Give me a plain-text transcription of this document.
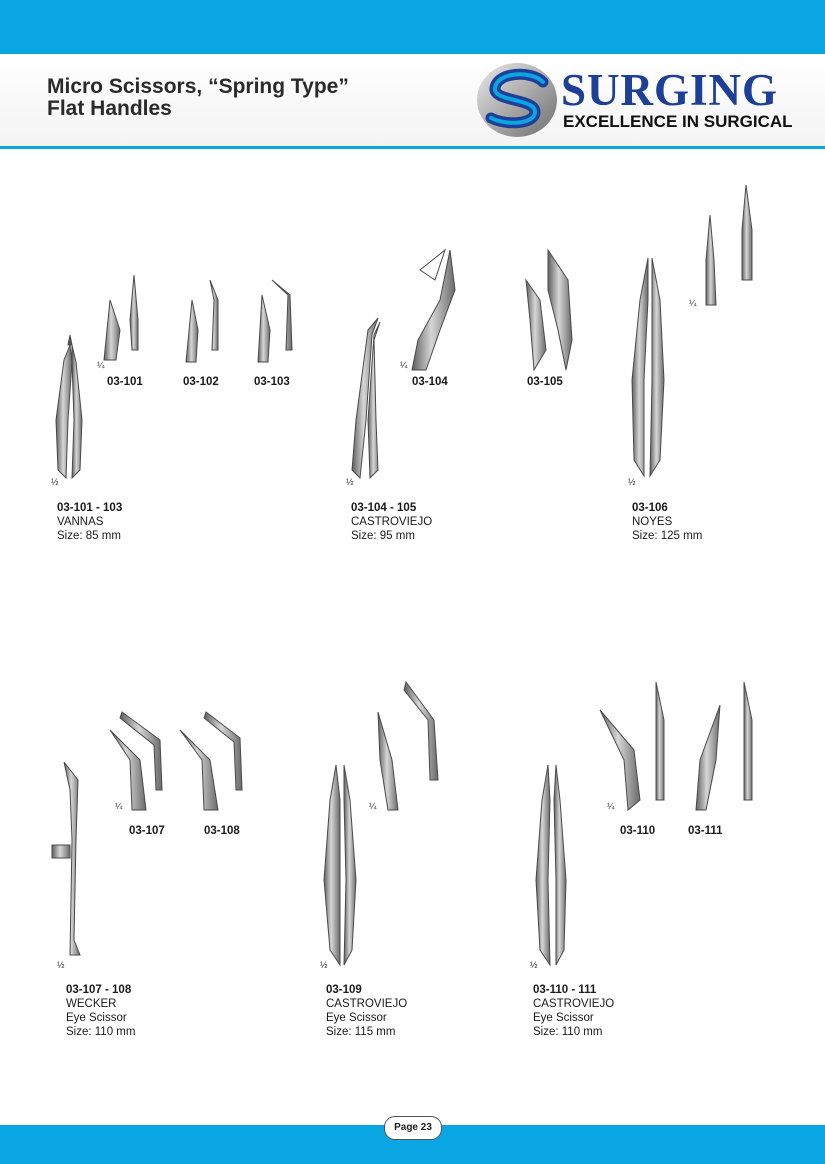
Micro Scissors, “Spring Type”
Flat Handles	SURGING
EXCELLENCE IN SURGICAL
03-101	03-102	03-103	03-104	03-105
03-107	03-108	03-110	03-111
¼
½
¼
½
¼
½
¼
½
¼
½
¼
½
03-101 - 103
VANNAS
Size: 85 mm
03-104 - 105
CASTROVIEJO
Size: 95 mm
03-106
NOYES
Size: 125 mm
03-107 - 108
WECKER
Eye Scissor
Size: 110 mm
03-109
CASTROVIEJO
Eye Scissor
Size: 115 mm
03-110 - 111
CASTROVIEJO
Eye Scissor
Size: 110 mm
Page 23
